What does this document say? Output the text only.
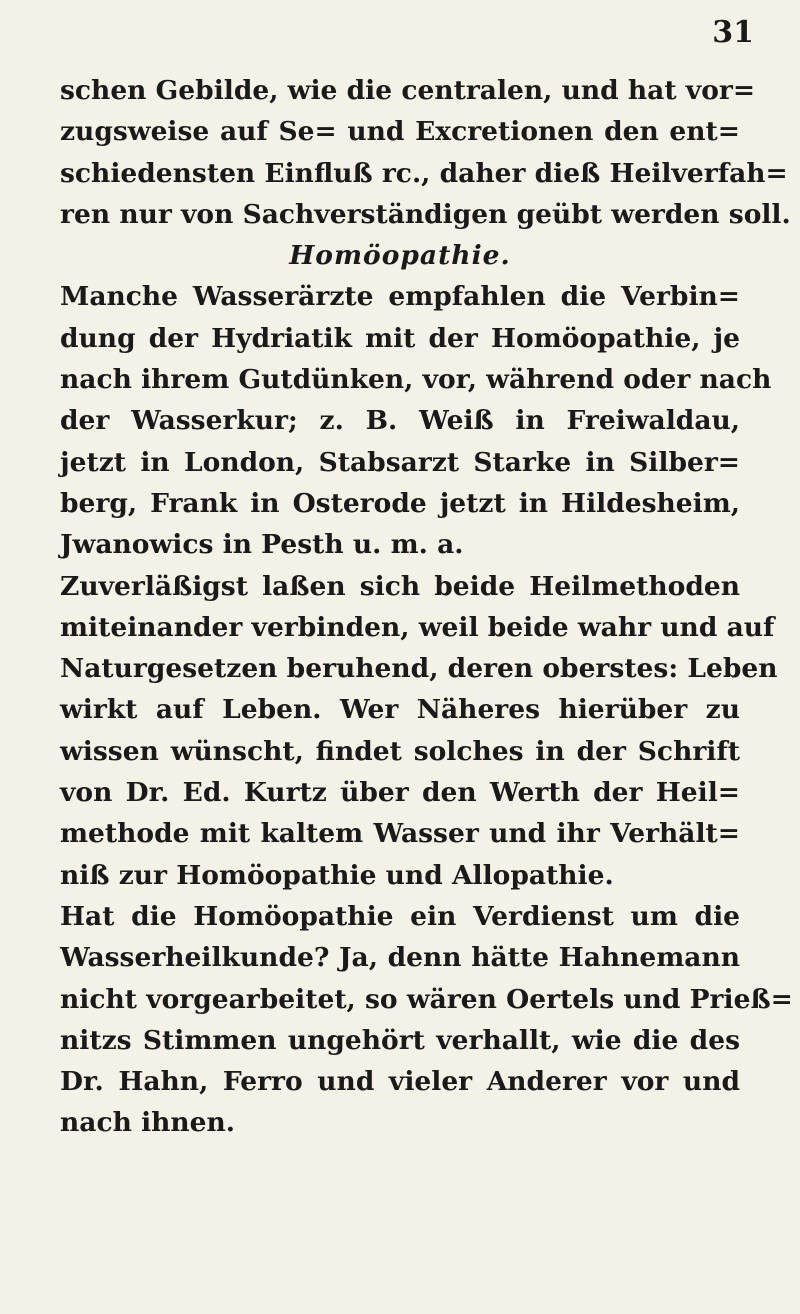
31
schen Gebilde, wie die centralen, und hat vor=
zugsweise auf Se= und Excretionen den ent=
schiedensten Einfluß rc., daher dieß Heilverfah=
ren nur von Sachverständigen geübt werden soll.
Homöopathie.
Manche Wasserärzte empfahlen die Verbin=
dung der Hydriatik mit der Homöopathie, je
nach ihrem Gutdünken, vor, während oder nach
der Wasserkur; z. B. Weiß in Freiwaldau,
jetzt in London, Stabsarzt Starke in Silber=
berg, Frank in Osterode jetzt in Hildesheim,
Jwanowics in Pesth u. m. a.
Zuverläßigst laßen sich beide Heilmethoden
miteinander verbinden, weil beide wahr und auf
Naturgesetzen beruhend, deren oberstes: Leben
wirkt auf Leben. Wer Näheres hierüber zu
wissen wünscht, findet solches in der Schrift
von Dr. Ed. Kurtz über den Werth der Heil=
methode mit kaltem Wasser und ihr Verhält=
niß zur Homöopathie und Allopathie.
Hat die Homöopathie ein Verdienst um die
Wasserheilkunde? Ja, denn hätte Hahnemann
nicht vorgearbeitet, so wären Oertels und Prieß=
nitzs Stimmen ungehört verhallt, wie die des
Dr. Hahn, Ferro und vieler Anderer vor und
nach ihnen.
